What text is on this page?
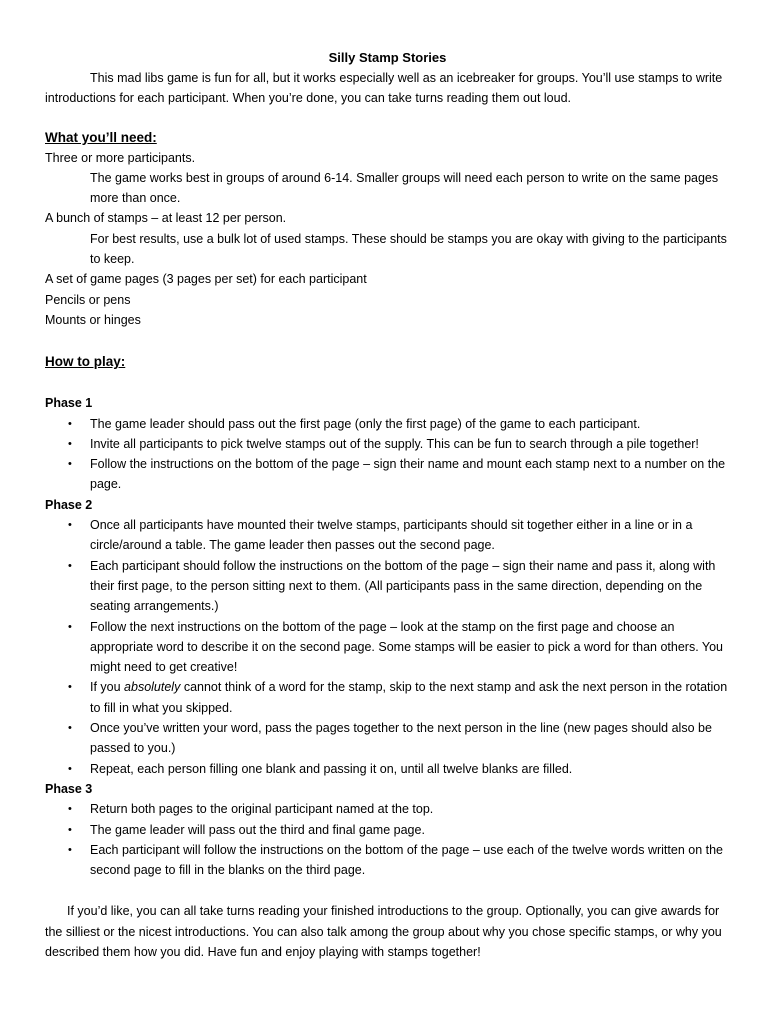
Silly Stamp Stories

This mad libs game is fun for all, but it works especially well as an icebreaker for groups. You’ll use stamps to write introductions for each participant. When you’re done, you can take turns reading them out loud.

What you’ll need:

Three or more participants.

The game works best in groups of around 6-14. Smaller groups will need each person to write on the same pages more than once.

A bunch of stamps – at least 12 per person.

For best results, use a bulk lot of used stamps. These should be stamps you are okay with giving to the participants to keep.

A set of game pages (3 pages per set) for each participant

Pencils or pens

Mounts or hinges

How to play:

Phase 1

• The game leader should pass out the first page (only the first page) of the game to each participant.
• Invite all participants to pick twelve stamps out of the supply. This can be fun to search through a pile together!
• Follow the instructions on the bottom of the page – sign their name and mount each stamp next to a number on the page.

Phase 2

• Once all participants have mounted their twelve stamps, participants should sit together either in a line or in a circle/around a table. The game leader then passes out the second page.
• Each participant should follow the instructions on the bottom of the page – sign their name and pass it, along with their first page, to the person sitting next to them. (All participants pass in the same direction, depending on the seating arrangements.)
• Follow the next instructions on the bottom of the page – look at the stamp on the first page and choose an appropriate word to describe it on the second page. Some stamps will be easier to pick a word for than others. You might need to get creative!
• If you absolutely cannot think of a word for the stamp, skip to the next stamp and ask the next person in the rotation to fill in what you skipped.
• Once you’ve written your word, pass the pages together to the next person in the line (new pages should also be passed to you.)
• Repeat, each person filling one blank and passing it on, until all twelve blanks are filled.

Phase 3

• Return both pages to the original participant named at the top.
• The game leader will pass out the third and final game page.
• Each participant will follow the instructions on the bottom of the page – use each of the twelve words written on the second page to fill in the blanks on the third page.

If you’d like, you can all take turns reading your finished introductions to the group. Optionally, you can give awards for the silliest or the nicest introductions. You can also talk among the group about why you chose specific stamps, or why you described them how you did. Have fun and enjoy playing with stamps together!
